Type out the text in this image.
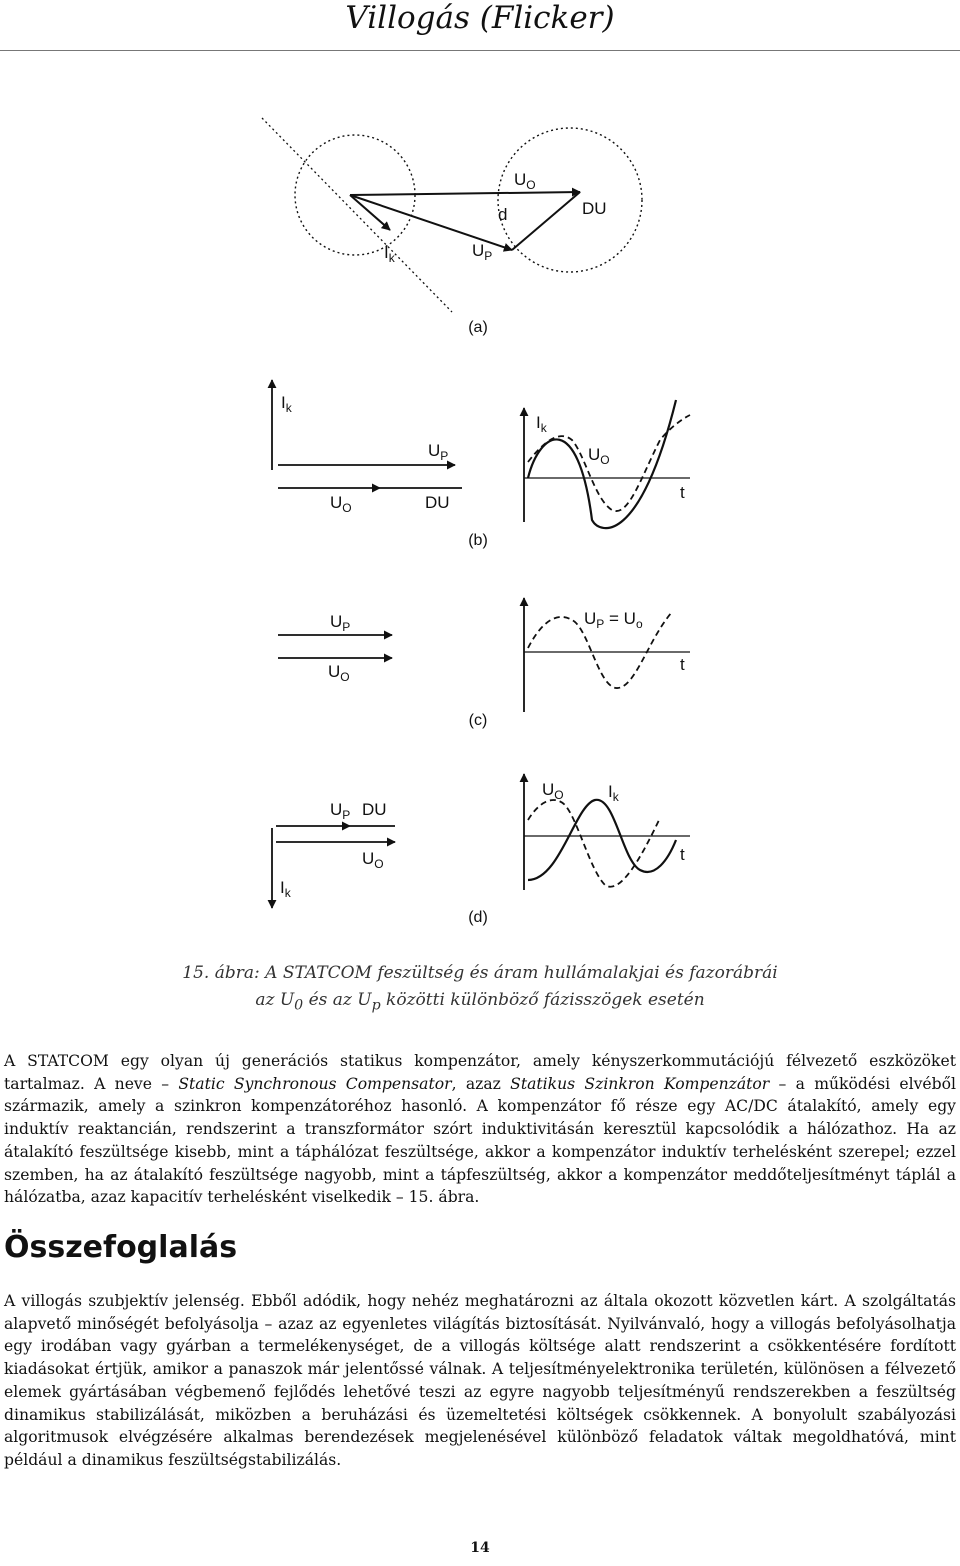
Villogás (Flicker)
$U_O$
d	DU
$I_k$	$U_P$
(a)
$I_k$
$U_P$
$U_O$	DU
$I_k$
$U_O$
t
(b)
$U_P$
$U_O$
$U_P = U_o$
t
(c)
$U_P$ DU
$U_O$
$I_k$
$U_O$	$I_k$
t
(d)
15. ábra: A STATCOM feszültség és áram hullámalakjai és fazorábrái
az $U_0$ és az $U_p$ közötti különböző fázisszögek esetén

A STATCOM egy olyan új generációs statikus kompenzátor, amely kényszerkommutációjú félvezető eszközöket tartalmaz. A neve – Static Synchronous Compensator, azaz Statikus Szinkron Kompenzátor – a működési elvéből származik, amely a szinkron kompenzátoréhoz hasonló. A kompenzátor fő része egy AC/DC átalakító, amely egy induktív reaktancián, rendszerint a transzformátor szórt induktivitásán keresztül kapcsolódik a hálózathoz. Ha az átalakító feszültsége kisebb, mint a táphálózat feszültsége, akkor a kompenzátor induktív terhelésként szerepel; ezzel szemben, ha az átalakító feszültsége nagyobb, mint a tápfeszültség, akkor a kompenzátor meddőteljesítményt táplál a hálózatba, azaz kapacitív terhelésként viselkedik – 15. ábra.

Összefoglalás

A villogás szubjektív jelenség. Ebből adódik, hogy nehéz meghatározni az általa okozott közvetlen kárt. A szolgáltatás alapvető minőségét befolyásolja – azaz az egyenletes világítás biztosítását. Nyilvánvaló, hogy a villogás befolyásolhatja egy irodában vagy gyárban a termelékenységet, de a villogás költsége alatt rendszerint a csökkentésére fordított kiadásokat értjük, amikor a panaszok már jelentőssé válnak. A teljesítményelektronika területén, különösen a félvezető elemek gyártásában végbemenő fejlődés lehetővé teszi az egyre nagyobb teljesítményű rendszerekben a feszültség dinamikus stabilizálását, miközben a beruházási és üzemeltetési költségek csökkennek. A bonyolult szabályozási algoritmusok elvégzésére alkalmas berendezések megjelenésével különböző feladatok váltak megoldhatóvá, mint például a dinamikus feszültségstabilizálás.

14
